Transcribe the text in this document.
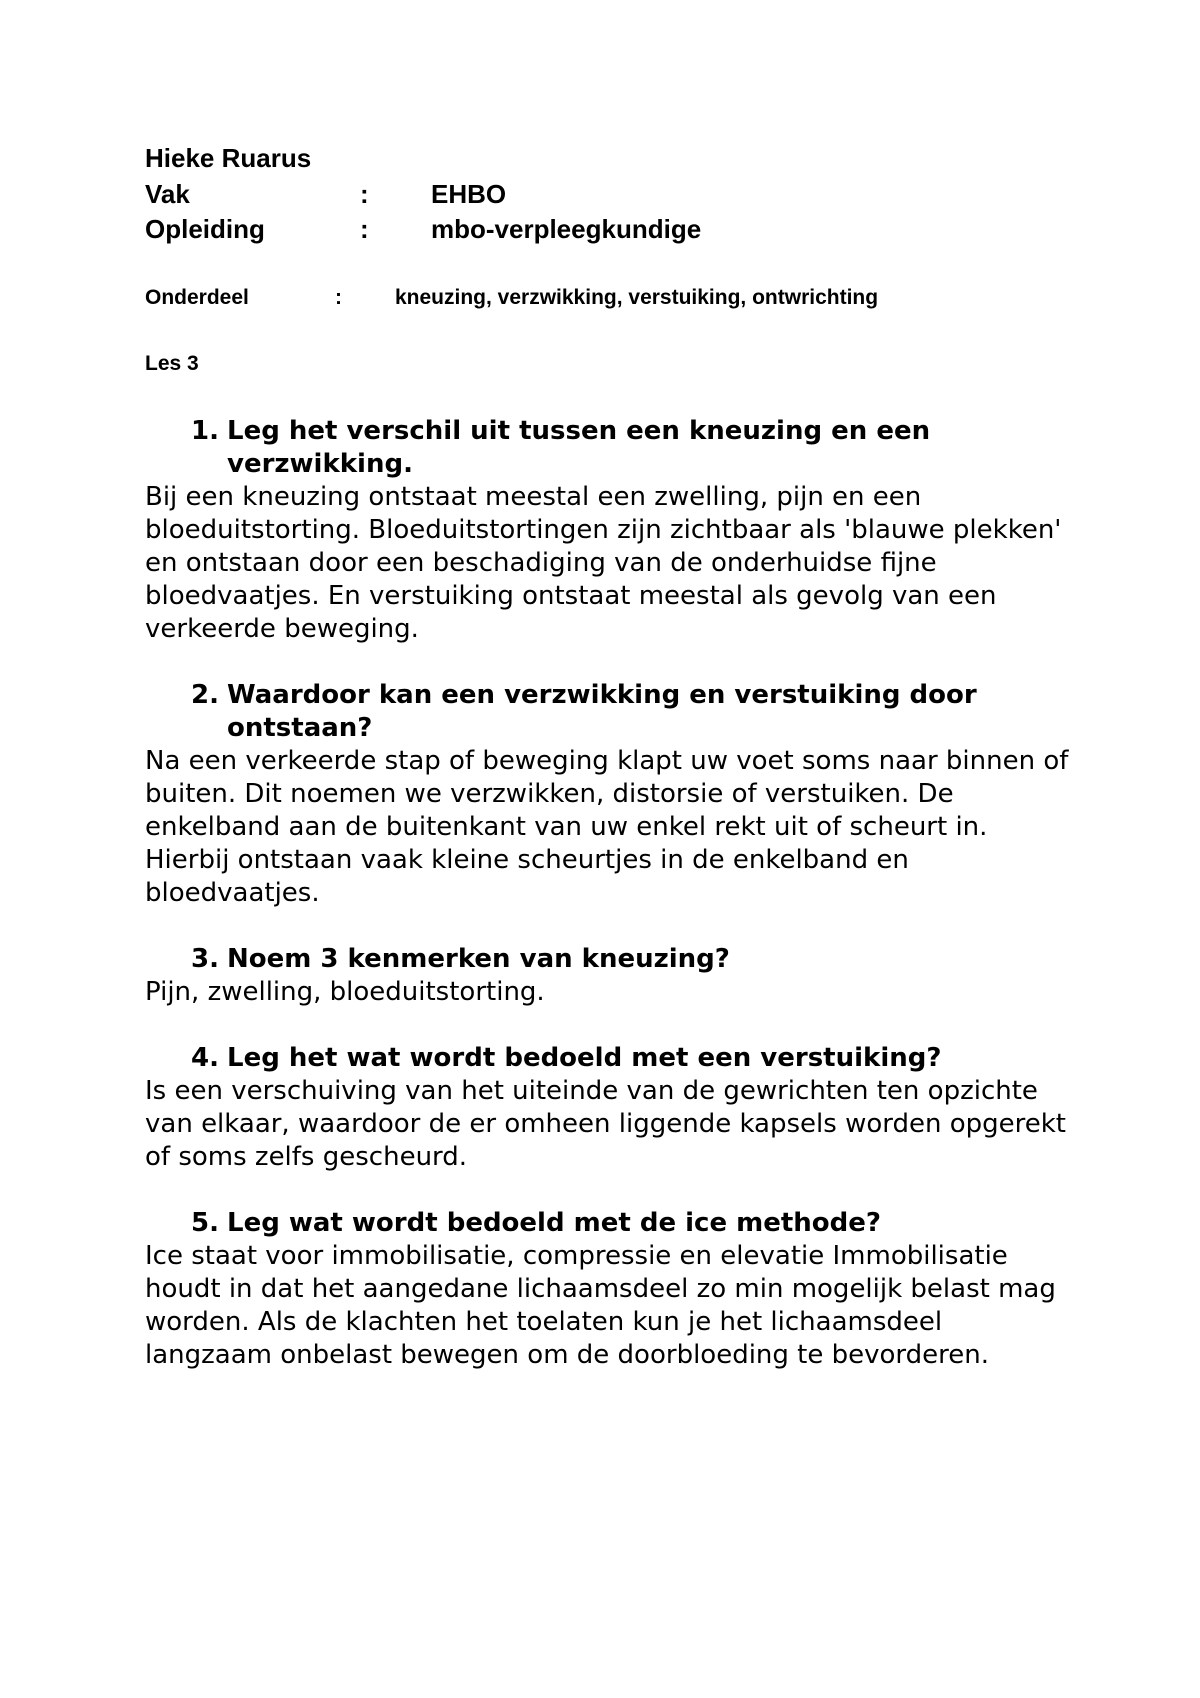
Hieke Ruarus
Vak	: EHBO
Opleiding	: mbo-verpleegkundige
Onderdeel	:	kneuzing, verzwikking, verstuiking, ontwrichting
Les 3
1. Leg het verschil uit tussen een kneuzing en een verzwikking.

Bij een kneuzing ontstaat meestal een zwelling, pijn en een bloeduitstorting. Bloeduitstortingen zijn zichtbaar als 'blauwe plekken' en ontstaan door een beschadiging van de onderhuidse fijne bloedvaatjes. En verstuiking ontstaat meestal als gevolg van een verkeerde beweging.

2. Waardoor kan een verzwikking en verstuiking door ontstaan?

Na een verkeerde stap of beweging klapt uw voet soms naar binnen of buiten. Dit noemen we verzwikken, distorsie of verstuiken. De enkelband aan de buitenkant van uw enkel rekt uit of scheurt in. Hierbij ontstaan vaak kleine scheurtjes in de enkelband en bloedvaatjes.

3. Noem 3 kenmerken van kneuzing?

Pijn, zwelling, bloeduitstorting.

4. Leg het wat wordt bedoeld met een verstuiking?

Is een verschuiving van het uiteinde van de gewrichten ten opzichte van elkaar, waardoor de er omheen liggende kapsels worden opgerekt of soms zelfs gescheurd.

5. Leg wat wordt bedoeld met de ice methode?

Ice staat voor immobilisatie, compressie en elevatie Immobilisatie houdt in dat het aangedane lichaamsdeel zo min mogelijk belast mag worden. Als de klachten het toelaten kun je het lichaamsdeel langzaam onbelast bewegen om de doorbloeding te bevorderen.
